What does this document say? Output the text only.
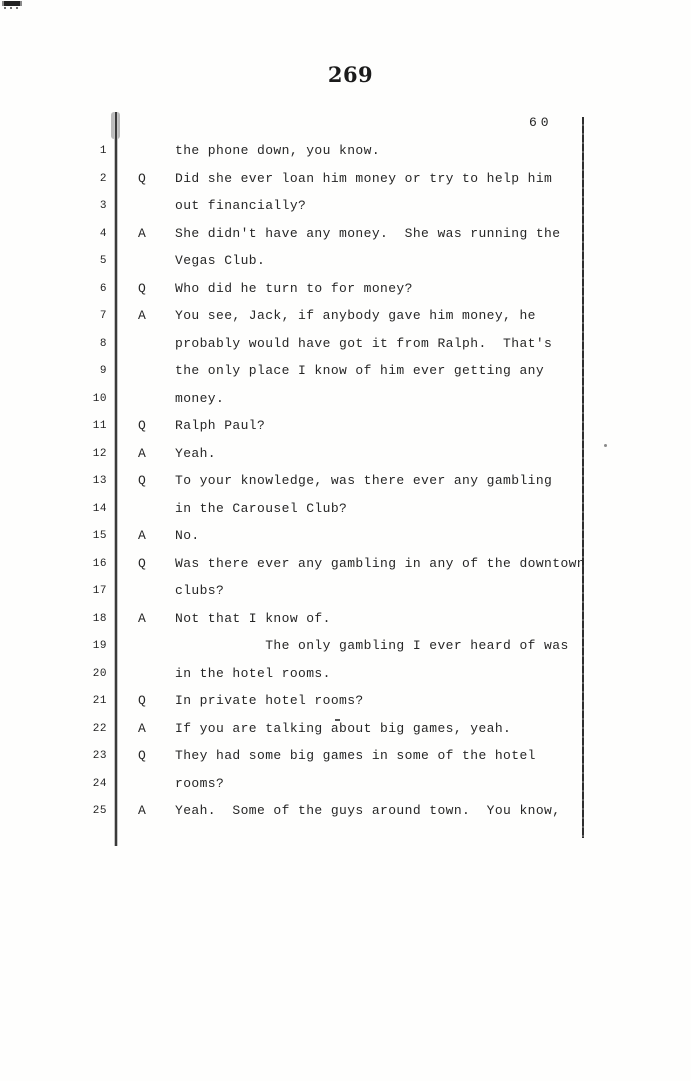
269
60
1	the phone down, you know.
2 Q Did she ever loan him money or try to help him
3	out financially?
4 A She didn't have any money.  She was running the
5	Vegas Club.
6 Q Who did he turn to for money?
7 A You see, Jack, if anybody gave him money, he
8	probably would have got it from Ralph.  That's
9	the only place I know of him ever getting any
10	money.
11 Q Ralph Paul?
12 A Yeah.
13 Q To your knowledge, was there ever any gambling
14	in the Carousel Club?
15 A No.
16 Q Was there ever any gambling in any of the downtown
17	clubs?
18 A Not that I know of.
19	The only gambling I ever heard of was
20	in the hotel rooms.
21 Q In private hotel rooms?
22 A If you are talking about big games, yeah.
23 Q They had some big games in some of the hotel
24	rooms?
25 A Yeah.  Some of the guys around town.  You know,
